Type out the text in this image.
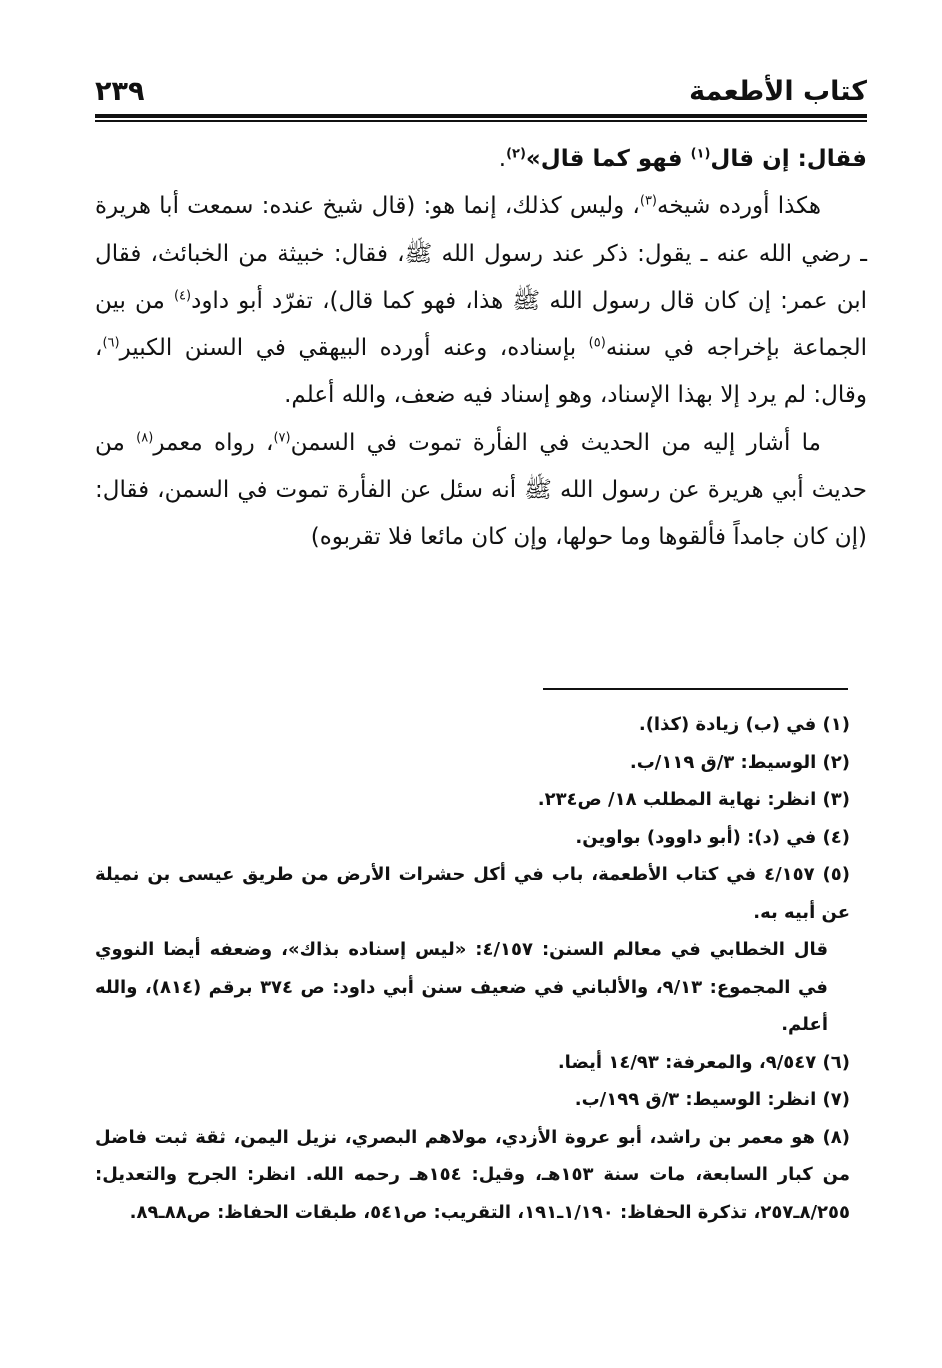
كتاب الأطعمة
٢٣٩

فقال: إن قال$^{(١)}$ فهو كما قال»$^{(٢)}$.

هكذا أورده شيخه$^{(٣)}$، وليس كذلك، إنما هو: (قال شيخ عنده: سمعت أبا هريرة ـ رضي الله عنه ـ يقول: ذكر عند رسول الله ﷺ، فقال: خبيثة من الخبائث، فقال ابن عمر: إن كان قال رسول الله ﷺ هذا، فهو كما قال)، تفرّد أبو داود$^{(٤)}$ من بين الجماعة بإخراجه في سننه$^{(٥)}$ بإسناده، وعنه أورده البيهقي في السنن الكبير$^{(٦)}$، وقال: لم يرد إلا بهذا الإسناد، وهو إسناد فيه ضعف، والله أعلم.

ما أشار إليه من الحديث في الفأرة تموت في السمن$^{(٧)}$، رواه معمر$^{(٨)}$ من حديث أبي هريرة عن رسول الله ﷺ أنه سئل عن الفأرة تموت في السمن، فقال: (إن كان جامداً فألقوها وما حولها، وإن كان مائعا فلا تقربوه)

(١) في (ب) زيادة (كذا).

(٢) الوسيط: ٣/ق ١١٩/ب.

(٣) انظر: نهاية المطلب ١٨/ ص٢٣٤.

(٤) في (د): (أبو داوود) بواوين.

(٥) ٤/١٥٧ في كتاب الأطعمة، باب في أكل حشرات الأرض من طريق عيسى بن نميلة عن أبيه به.

قال الخطابي في معالم السنن: ٤/١٥٧: «ليس إسناده بذاك»، وضعفه أيضا النووي في المجموع: ٩/١٣، والألباني في ضعيف سنن أبي داود: ص ٣٧٤ برقم (٨١٤)، والله أعلم.

(٦) ٩/٥٤٧، والمعرفة: ١٤/٩٣ أيضا.

(٧) انظر: الوسيط: ٣/ق ١٩٩/ب.

(٨) هو معمر بن راشد، أبو عروة الأزدي، مولاهم البصري، نزيل اليمن، ثقة ثبت فاضل من كبار السابعة، مات سنة ١٥٣هـ، وقيل: ١٥٤هـ رحمه الله. انظر: الجرح والتعديل: ٨/٢٥٥ـ٢٥٧، تذكرة الحفاظ: ١/١٩٠ـ١٩١، التقريب: ص٥٤١، طبقات الحفاظ: ص٨٨ـ٨٩.
